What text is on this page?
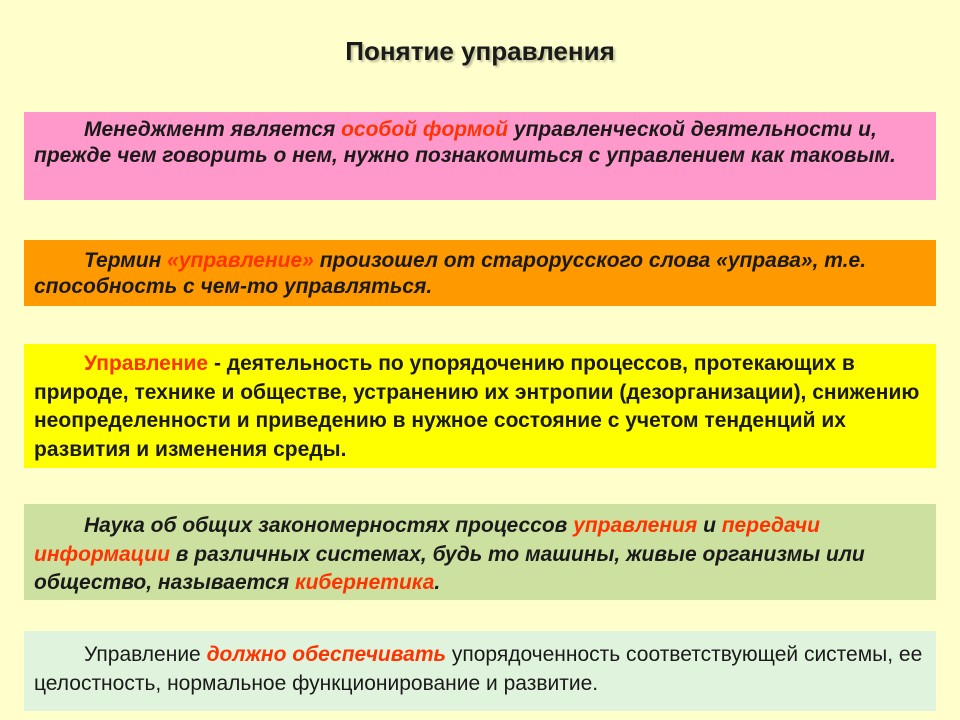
Понятие управления

Менеджмент является особой формой управленческой деятельности и, прежде чем говорить о нем, нужно познакомиться с управлением как таковым.

Термин «управление» произошел от старорусского слова «управа», т.е. способность с чем-то управляться.

Управление - деятельность по упорядочению процессов, протекающих в природе, технике и обществе, устранению их энтропии (дезорганизации), снижению неопределенности и приведению в нужное состояние с учетом тенденций их развития и изменения среды.

Наука об общих закономерностях процессов управления и передачи информации в различных системах, будь то машины, живые организмы или общество, называется кибернетика.

Управление должно обеспечивать упорядоченность соответствующей системы, ее целостность, нормальное функционирование и развитие.
